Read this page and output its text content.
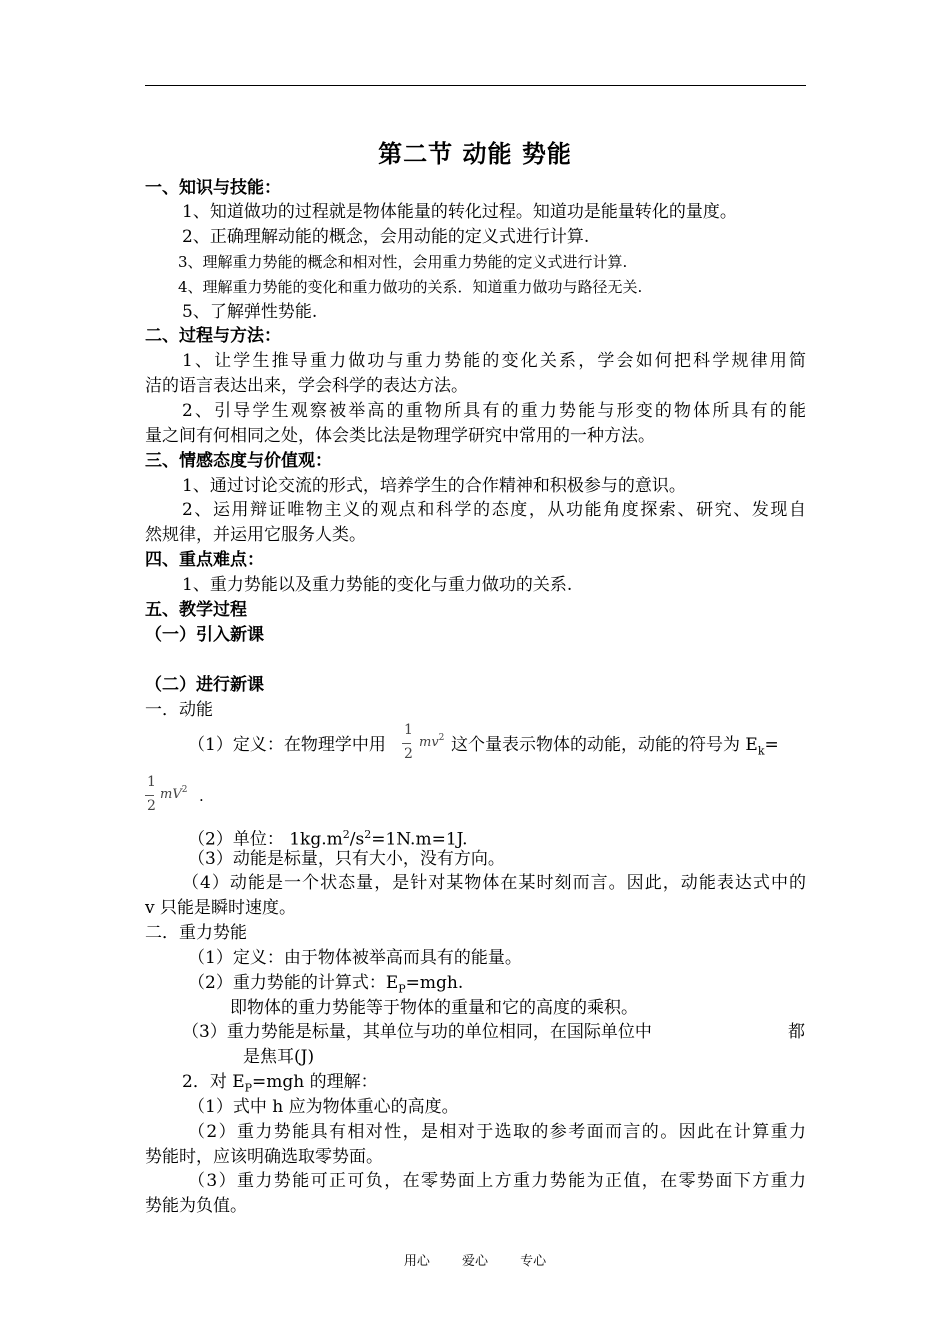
第二节 动能 势能
一、知识与技能：
1、知道做功的过程就是物体能量的转化过程。知道功是能量转化的量度。
2、正确理解动能的概念，会用动能的定义式进行计算.
3、理解重力势能的概念和相对性，会用重力势能的定义式进行计算.
4、理解重力势能的变化和重力做功的关系．知道重力做功与路径无关.
5、了解弹性势能.
二、过程与方法：
1、让学生推导重力做功与重力势能的变化关系，学会如何把科学规律用简
洁的语言表达出来，学会科学的表达方法。
2、引导学生观察被举高的重物所具有的重力势能与形变的物体所具有的能
量之间有何相同之处，体会类比法是物理学研究中常用的一种方法。
三、情感态度与价值观：
1、通过讨论交流的形式，培养学生的合作精神和积极参与的意识。
2、运用辩证唯物主义的观点和科学的态度，从功能角度探索、研究、发现自
然规律，并运用它服务人类。
四、重点难点：
1、重力势能以及重力势能的变化与重力做功的关系.
五、教学过程
（一）引入新课
（二）进行新课
一．动能
（1）定义：在物理学中用
1
2
$mv^2$ 这个量表示物体的动能，动能的符号为 $E_k=$
1
2
$mV^2$ .
（2）单位： $1kg.m^2/s^2=1N.m=1J$.
（3）动能是标量，只有大小，没有方向。
（4）动能是一个状态量，是针对某物体在某时刻而言。因此，动能表达式中的
v 只能是瞬时速度。
二．重力势能
（1）定义：由于物体被举高而具有的能量。
（2）重力势能的计算式：$E_P=mgh$.
即物体的重力势能等于物体的重量和它的高度的乘积。
（3）重力势能是标量，其单位与功的单位相同，在国际单位中	都
是焦耳(J)
2．对 $E_P=mgh$ 的理解：
（1）式中 h 应为物体重心的高度。
（2）重力势能具有相对性，是相对于选取的参考面而言的。因此在计算重力
势能时，应该明确选取零势面。
（3）重力势能可正可负，在零势面上方重力势能为正值，在零势面下方重力
势能为负值。
用心 爱心 专心
